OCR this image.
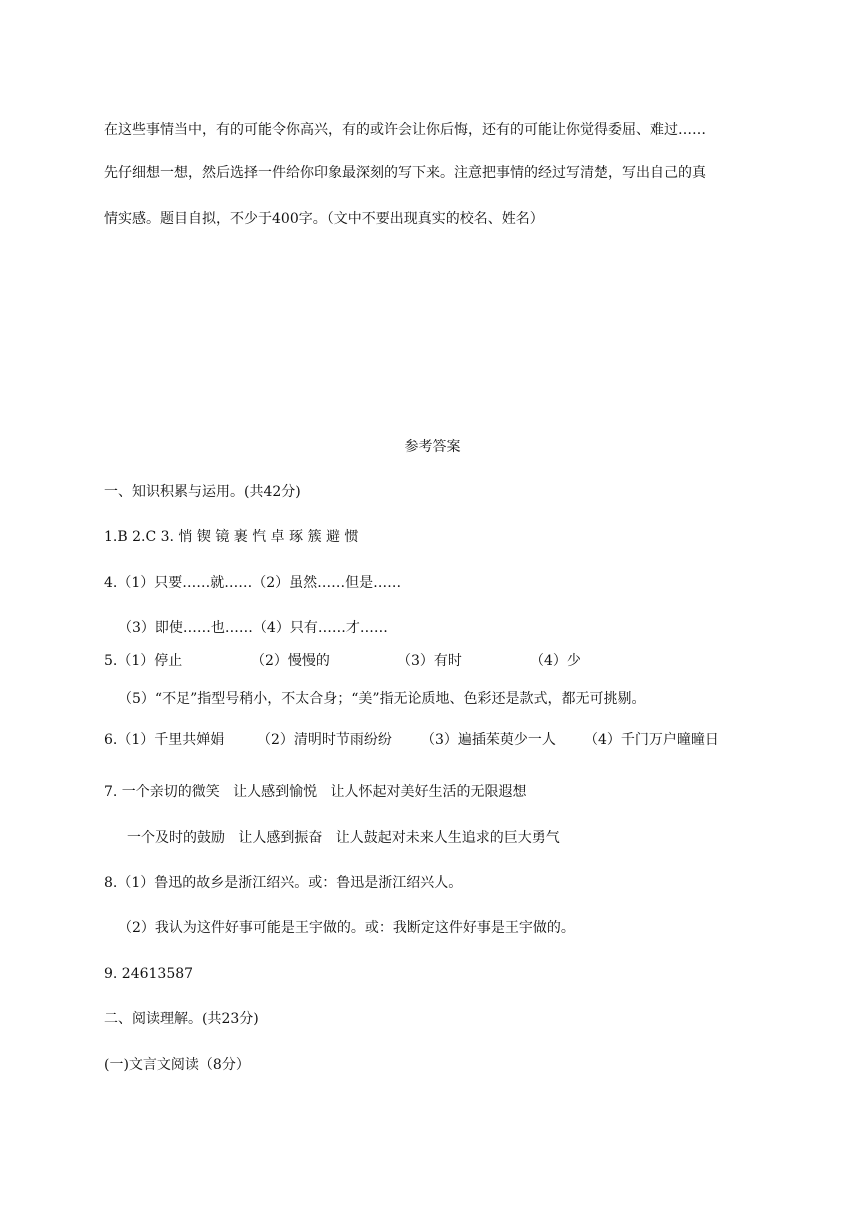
在这些事情当中，有的可能令你高兴，有的或许会让你后悔，还有的可能让你觉得委屈、难过……
先仔细想一想，然后选择一件给你印象最深刻的写下来。注意把事情的经过写清楚，写出自己的真
情实感。题目自拟，不少于400字。（文中不要出现真实的校名、姓名）
参考答案
一、知识积累与运用。(共42分)
1.B 2.C 3. 悄 锲 镜 裹 忾 卓 琢 簇 避 惯
4.（1）只要……就……（2）虽然……但是……
（3）即使……也……（4）只有……才……
5.（1）停止	（2）慢慢的	（3）有时	（4）少
（5）“不足”指型号稍小，不太合身；“美”指无论质地、色彩还是款式，都无可挑剔。
6.（1）千里共婵娟 （2）清明时节雨纷纷 （3）遍插茱萸少一人 （4）千门万户曈曈日
7. 一个亲切的微笑   让人感到愉悦   让人怀起对美好生活的无限遐想
一个及时的鼓励   让人感到振奋   让人鼓起对未来人生追求的巨大勇气
8.（1）鲁迅的故乡是浙江绍兴。或：鲁迅是浙江绍兴人。
（2）我认为这件好事可能是王宇做的。或：我断定这件好事是王宇做的。
9. 24613587
二、阅读理解。(共23分)
(一)文言文阅读（8分）
